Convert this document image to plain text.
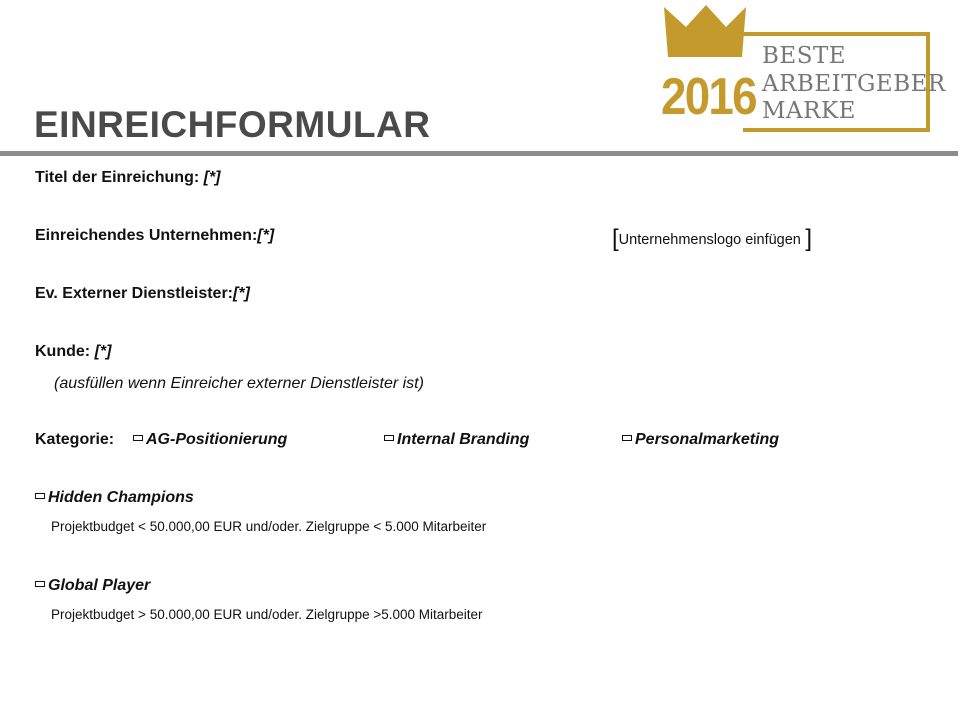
2016
BESTE
ARBEITGEBER
MARKE
EINREICHFORMULAR
Titel der Einreichung: [*]
Einreichendes Unternehmen:[*]	[Unternehmenslogo einfügen ]
Ev. Externer Dienstleister:[*]
Kunde: [*]
(ausfüllen wenn Einreicher externer Dienstleister ist)
Kategorie:	AG-Positionierung	Internal Branding	Personalmarketing
Hidden Champions
Projektbudget < 50.000,00 EUR und/oder. Zielgruppe < 5.000 Mitarbeiter
Global Player
Projektbudget > 50.000,00 EUR und/oder. Zielgruppe >5.000 Mitarbeiter
